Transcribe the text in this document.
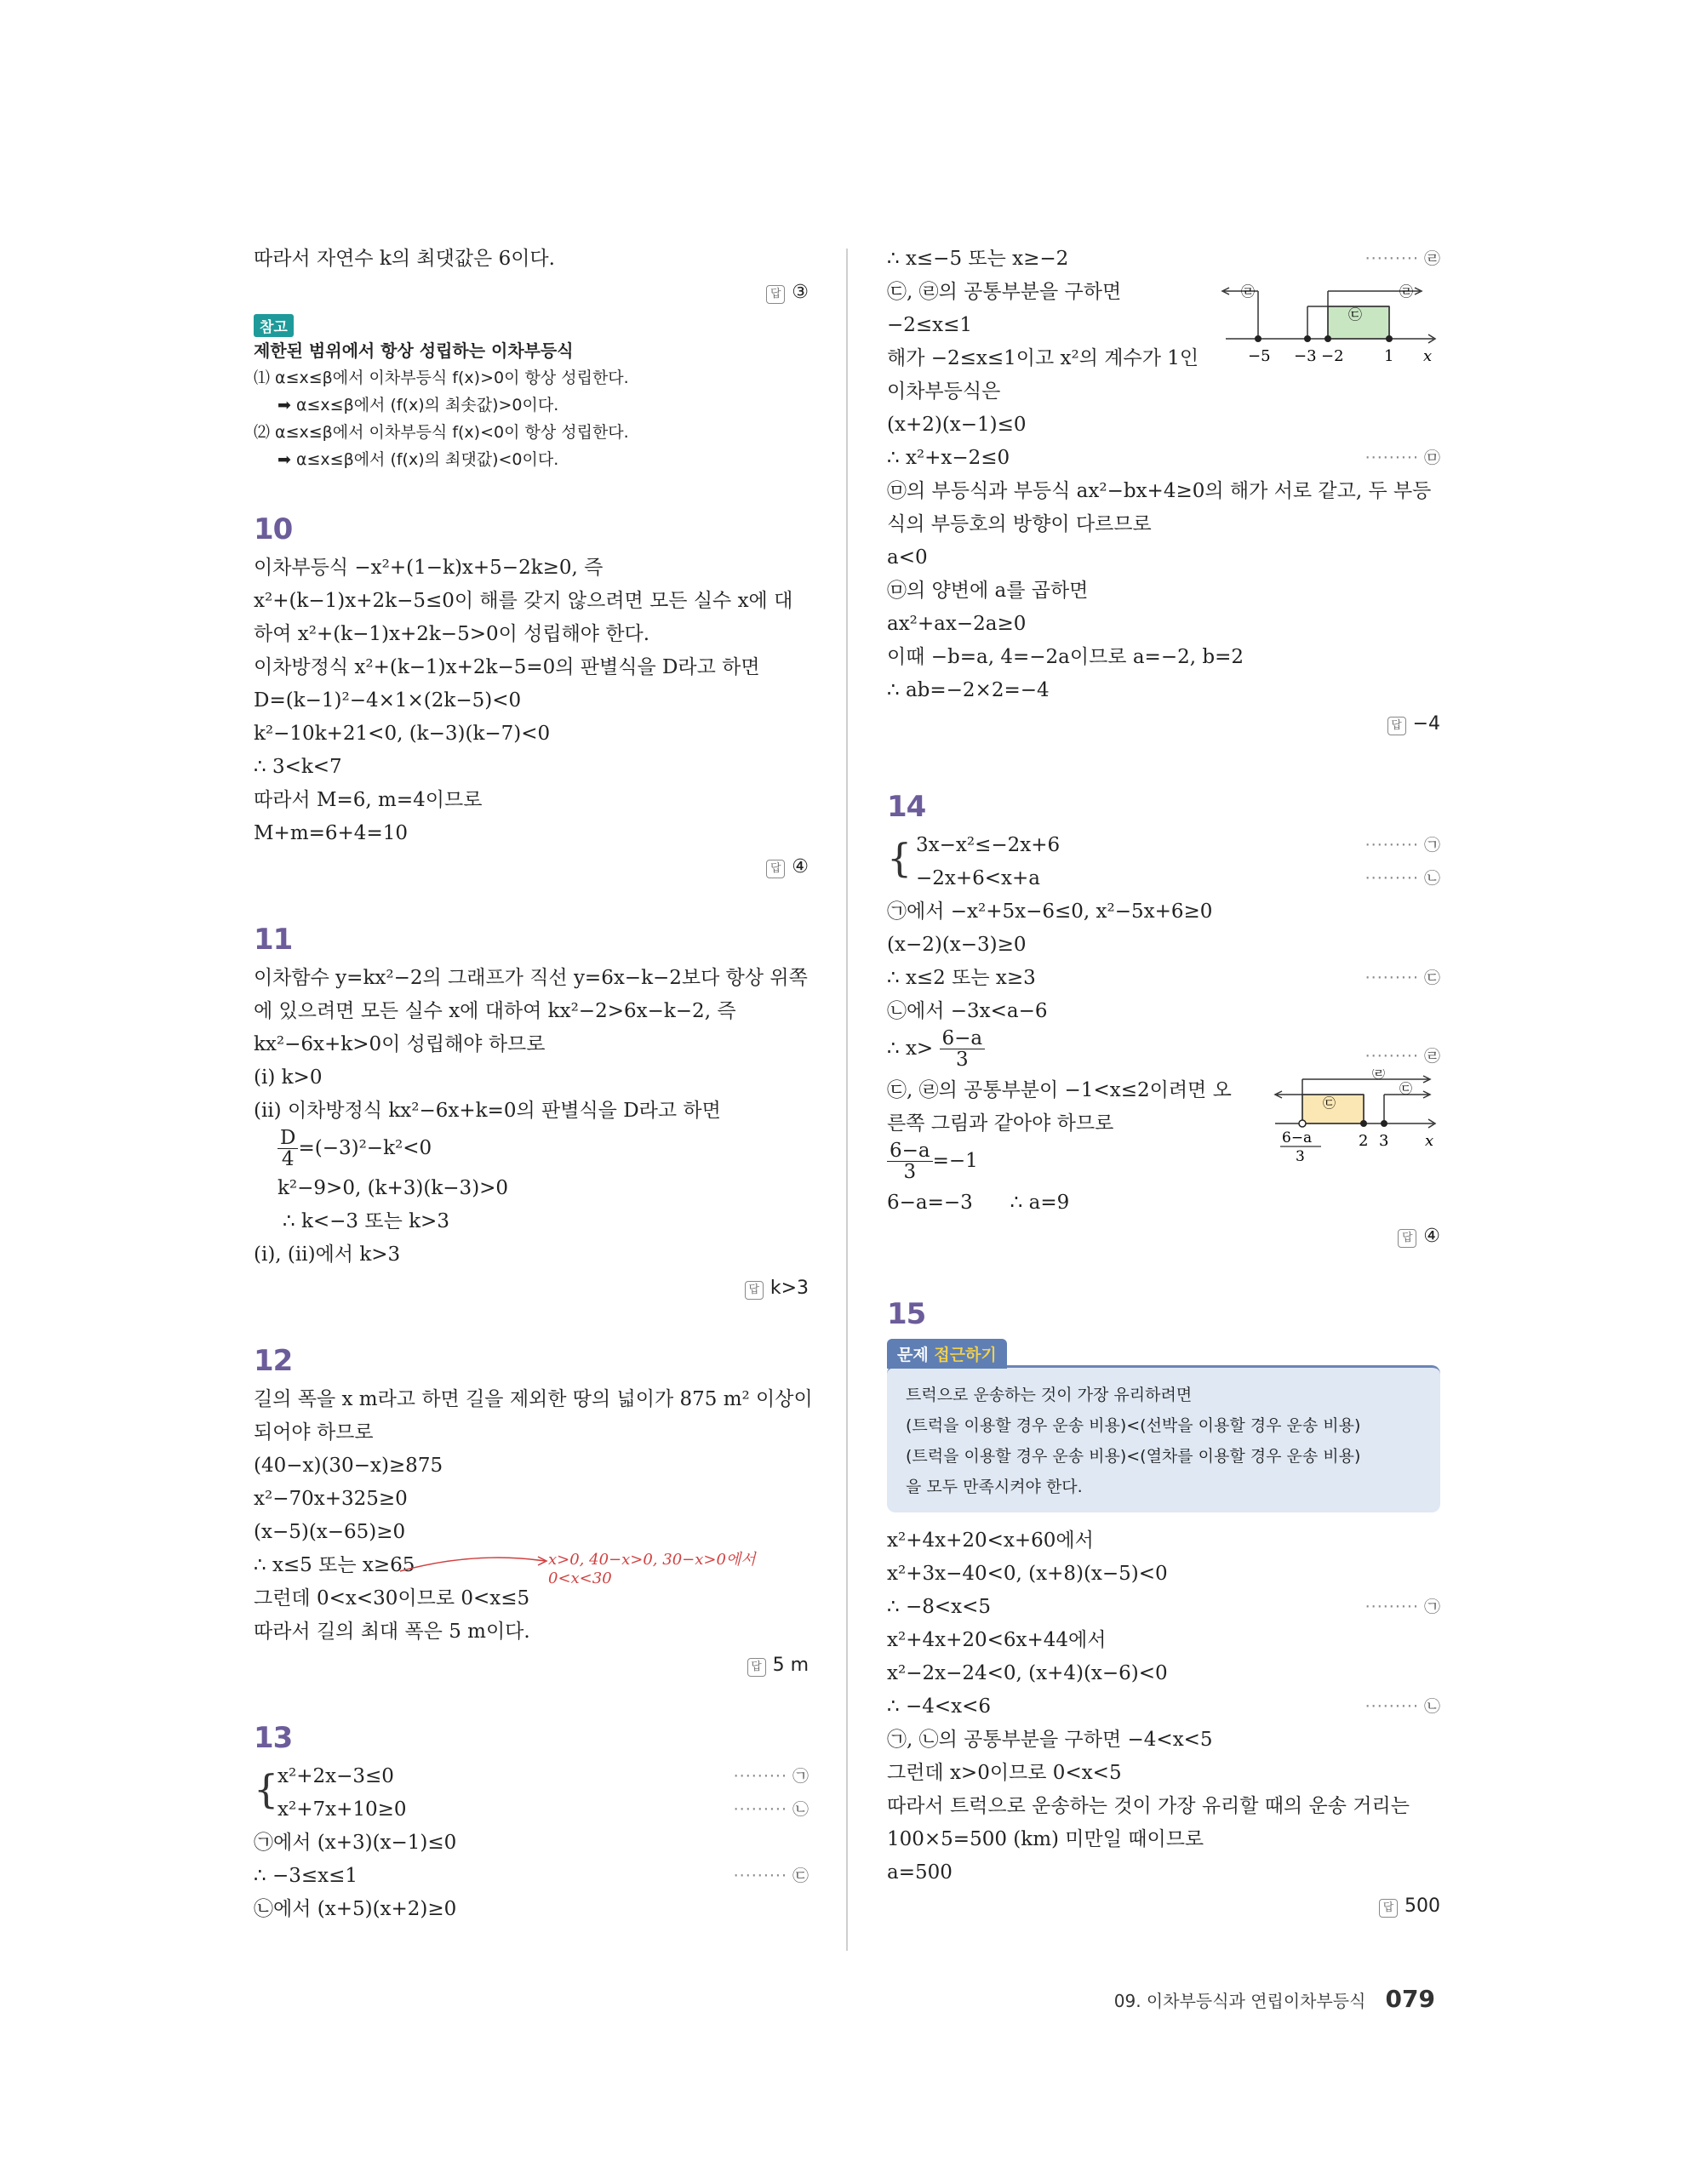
따라서 자연수 k의 최댓값은 6이다.
답 ③
참고
제한된 범위에서 항상 성립하는 이차부등식
⑴ α≤x≤β에서 이차부등식 f(x)>0이 항상 성립한다.
➡ α≤x≤β에서 (f(x)의 최솟값)>0이다.
⑵ α≤x≤β에서 이차부등식 f(x)<0이 항상 성립한다.
➡ α≤x≤β에서 (f(x)의 최댓값)<0이다.
10
이차부등식 −x²+(1−k)x+5−2k≥0, 즉
x²+(k−1)x+2k−5≤0이 해를 갖지 않으려면 모든 실수 x에 대
하여 x²+(k−1)x+2k−5>0이 성립해야 한다.
이차방정식 x²+(k−1)x+2k−5=0의 판별식을 D라고 하면
D=(k−1)²−4×1×(2k−5)<0
k²−10k+21<0, (k−3)(k−7)<0
∴ 3<k<7
따라서 M=6, m=4이므로
M+m=6+4=10
답 ④
11
이차함수 y=kx²−2의 그래프가 직선 y=6x−k−2보다 항상 위쪽
에 있으려면 모든 실수 x에 대하여 kx²−2>6x−k−2, 즉
kx²−6x+k>0이 성립해야 하므로
(ⅰ) k>0
(ⅱ) 이차방정식 kx²−6x+k=0의 판별식을 D라고 하면
$\frac{D}{4} =(-3)^2-k^2<0$
k²−9>0, (k+3)(k−3)>0
∴ k<−3 또는 k>3
(ⅰ), (ⅱ)에서 k>3
답 k>3
12
길의 폭을 x m라고 하면 길을 제외한 땅의 넓이가 875 m² 이상이
되어야 하므로
(40−x)(30−x)≥875
x²−70x+325≥0
(x−5)(x−65)≥0
∴ x≤5 또는 x≥65	x>0, 40−x>0, 30−x>0에서
0<x<30
그런데 0<x<30이므로 0<x≤5
따라서 길의 최대 폭은 5 m이다.
답 5 m
13
{
x²+2x−3≤0	········· ㉠
x²+7x+10≥0	········· ㉡
㉠에서 (x+3)(x−1)≤0
∴ −3≤x≤1	········· ㉢
㉡에서 (x+5)(x+2)≥0
∴ x≤−5 또는 x≥−2	········· ㉣
㉣
㉢
㉣
−5 −3 −2	1 x
㉢, ㉣의 공통부분을 구하면
−2≤x≤1
해가 −2≤x≤1이고 x²의 계수가 1인
이차부등식은
(x+2)(x−1)≤0
∴ x²+x−2≤0	········· ㉤
㉤의 부등식과 부등식 ax²−bx+4≥0의 해가 서로 같고, 두 부등
식의 부등호의 방향이 다르므로
a<0
㉤의 양변에 a를 곱하면
ax²+ax−2a≥0
이때 −b=a, 4=−2a이므로 a=−2, b=2
∴ ab=−2×2=−4
답 −4
14
{ 3x−x²≤−2x+6	········· ㉠
−2x+6<x+a	········· ㉡
㉠에서 −x²+5x−6≤0, x²−5x+6≥0
(x−2)(x−3)≥0
∴ x≤2 또는 x≥3	········· ㉢
㉡에서 −3x<a−6
∴ $x> \frac{6-a}{3}$	········· ㉣
㉢, ㉣의 공통부분이 −1<x≤2이려면 오
른쪽 그림과 같아야 하므로
㉢
㉣
㉢
6−a
3
2 3 x
$\frac{6-a}{3} =-1$
6−a=−3      ∴ a=9
답 ④
15
문제 접근하기
트럭으로 운송하는 것이 가장 유리하려면
(트럭을 이용할 경우 운송 비용)<(선박을 이용할 경우 운송 비용)
(트럭을 이용할 경우 운송 비용)<(열차를 이용할 경우 운송 비용)
을 모두 만족시켜야 한다.
x²+4x+20<x+60에서
x²+3x−40<0, (x+8)(x−5)<0
∴ −8<x<5	········· ㉠
x²+4x+20<6x+44에서
x²−2x−24<0, (x+4)(x−6)<0
∴ −4<x<6	········· ㉡
㉠, ㉡의 공통부분을 구하면 −4<x<5
그런데 x>0이므로 0<x<5
따라서 트럭으로 운송하는 것이 가장 유리할 때의 운송 거리는
100×5=500 (km) 미만일 때이므로
a=500
답 500
09. 이차부등식과 연립이차부등식 079
